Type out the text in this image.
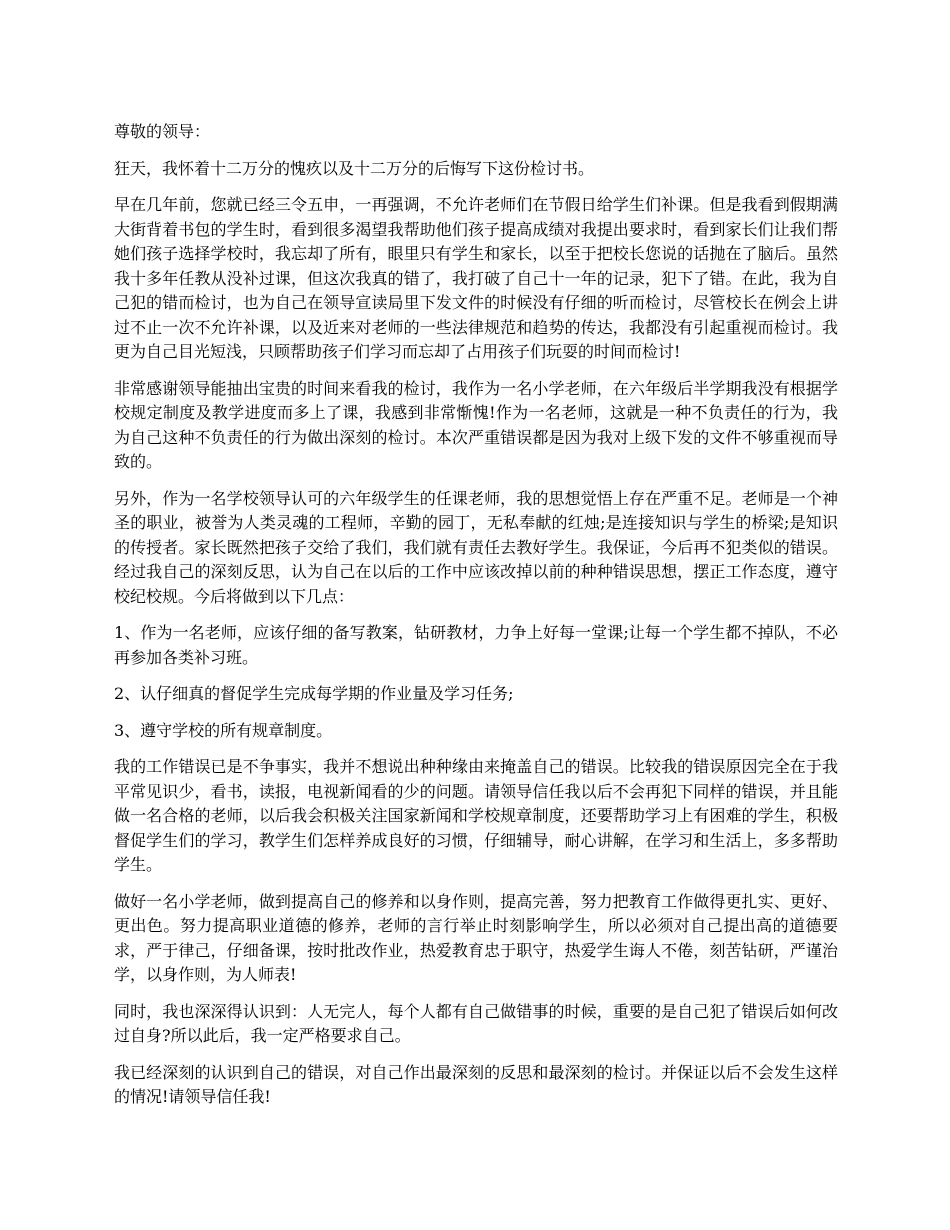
尊敬的领导：

狂天，我怀着十二万分的愧疚以及十二万分的后悔写下这份检讨书。

早在几年前，您就已经三令五申，一再强调，不允许老师们在节假日给学生们补课。但是我看到假期满大街背着书包的学生时，看到很多渴望我帮助他们孩子提高成绩对我提出要求时，看到家长们让我们帮她们孩子选择学校时，我忘却了所有，眼里只有学生和家长，以至于把校长您说的话抛在了脑后。虽然我十多年任教从没补过课，但这次我真的错了，我打破了自己十一年的记录，犯下了错。在此，我为自己犯的错而检讨，也为自己在领导宣读局里下发文件的时候没有仔细的听而检讨，尽管校长在例会上讲过不止一次不允许补课，以及近来对老师的一些法律规范和趋势的传达，我都没有引起重视而检讨。我更为自己目光短浅，只顾帮助孩子们学习而忘却了占用孩子们玩耍的时间而检讨!

非常感谢领导能抽出宝贵的时间来看我的检讨，我作为一名小学老师，在六年级后半学期我没有根据学校规定制度及教学进度而多上了课，我感到非常惭愧!作为一名老师，这就是一种不负责任的行为，我为自己这种不负责任的行为做出深刻的检讨。本次严重错误都是因为我对上级下发的文件不够重视而导致的。

另外，作为一名学校领导认可的六年级学生的任课老师，我的思想觉悟上存在严重不足。老师是一个神圣的职业，被誉为人类灵魂的工程师，辛勤的园丁，无私奉献的红烛;是连接知识与学生的桥梁;是知识的传授者。家长既然把孩子交给了我们，我们就有责任去教好学生。我保证，今后再不犯类似的错误。经过我自己的深刻反思，认为自己在以后的工作中应该改掉以前的种种错误思想，摆正工作态度，遵守校纪校规。今后将做到以下几点：

1、作为一名老师，应该仔细的备写教案，钻研教材，力争上好每一堂课;让每一个学生都不掉队，不必再参加各类补习班。

2、认仔细真的督促学生完成每学期的作业量及学习任务;

3、遵守学校的所有规章制度。

我的工作错误已是不争事实，我并不想说出种种缘由来掩盖自己的错误。比较我的错误原因完全在于我平常见识少，看书，读报，电视新闻看的少的问题。请领导信任我以后不会再犯下同样的错误，并且能做一名合格的老师，以后我会积极关注国家新闻和学校规章制度，还要帮助学习上有困难的学生，积极督促学生们的学习，教学生们怎样养成良好的习惯，仔细辅导，耐心讲解，在学习和生活上，多多帮助学生。

做好一名小学老师，做到提高自己的修养和以身作则，提高完善，努力把教育工作做得更扎实、更好、更出色。努力提高职业道德的修养，老师的言行举止时刻影响学生，所以必须对自己提出高的道德要求，严于律己，仔细备课，按时批改作业，热爱教育忠于职守，热爱学生诲人不倦，刻苦钻研，严谨治学，以身作则，为人师表!

同时，我也深深得认识到：人无完人，每个人都有自己做错事的时候，重要的是自己犯了错误后如何改过自身?所以此后，我一定严格要求自己。

我已经深刻的认识到自己的错误，对自己作出最深刻的反思和最深刻的检讨。并保证以后不会发生这样的情况!请领导信任我!
